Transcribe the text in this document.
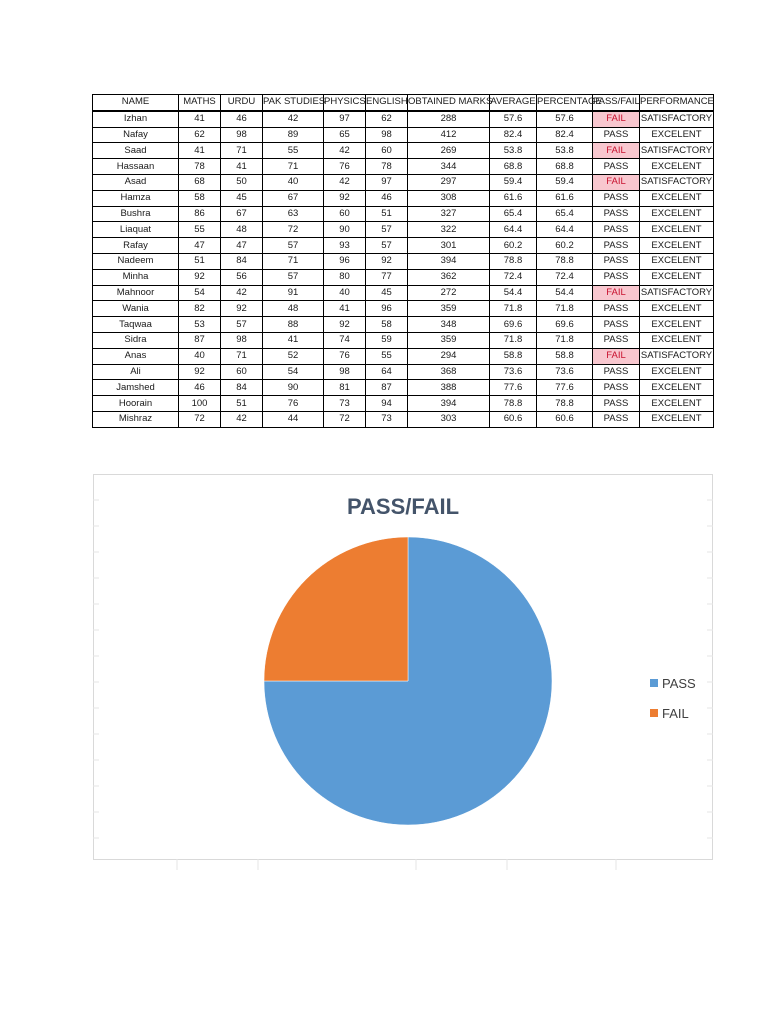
NAME	MATHS	URDU	PAK STUDIES	PHYSICS	ENGLISH	OBTAINED MARKS	AVERAGE	PERCENTAGE	PASS/FAIL	PERFORMANCE
Izhan	41	46	42	97	62	288	57.6	57.6	FAIL	SATISFACTORY
Nafay	62	98	89	65	98	412	82.4	82.4	PASS	EXCELENT
Saad	41	71	55	42	60	269	53.8	53.8	FAIL	SATISFACTORY
Hassaan	78	41	71	76	78	344	68.8	68.8	PASS	EXCELENT
Asad	68	50	40	42	97	297	59.4	59.4	FAIL	SATISFACTORY
Hamza	58	45	67	92	46	308	61.6	61.6	PASS	EXCELENT
Bushra	86	67	63	60	51	327	65.4	65.4	PASS	EXCELENT
Liaquat	55	48	72	90	57	322	64.4	64.4	PASS	EXCELENT
Rafay	47	47	57	93	57	301	60.2	60.2	PASS	EXCELENT
Nadeem	51	84	71	96	92	394	78.8	78.8	PASS	EXCELENT
Minha	92	56	57	80	77	362	72.4	72.4	PASS	EXCELENT
Mahnoor	54	42	91	40	45	272	54.4	54.4	FAIL	SATISFACTORY
Wania	82	92	48	41	96	359	71.8	71.8	PASS	EXCELENT
Taqwaa	53	57	88	92	58	348	69.6	69.6	PASS	EXCELENT
Sidra	87	98	41	74	59	359	71.8	71.8	PASS	EXCELENT
Anas	40	71	52	76	55	294	58.8	58.8	FAIL	SATISFACTORY
Ali	92	60	54	98	64	368	73.6	73.6	PASS	EXCELENT
Jamshed	46	84	90	81	87	388	77.6	77.6	PASS	EXCELENT
Hoorain	100	51	76	73	94	394	78.8	78.8	PASS	EXCELENT
Mishraz	72	42	44	72	73	303	60.6	60.6	PASS	EXCELENT
PASS/FAIL
PASS
FAIL
